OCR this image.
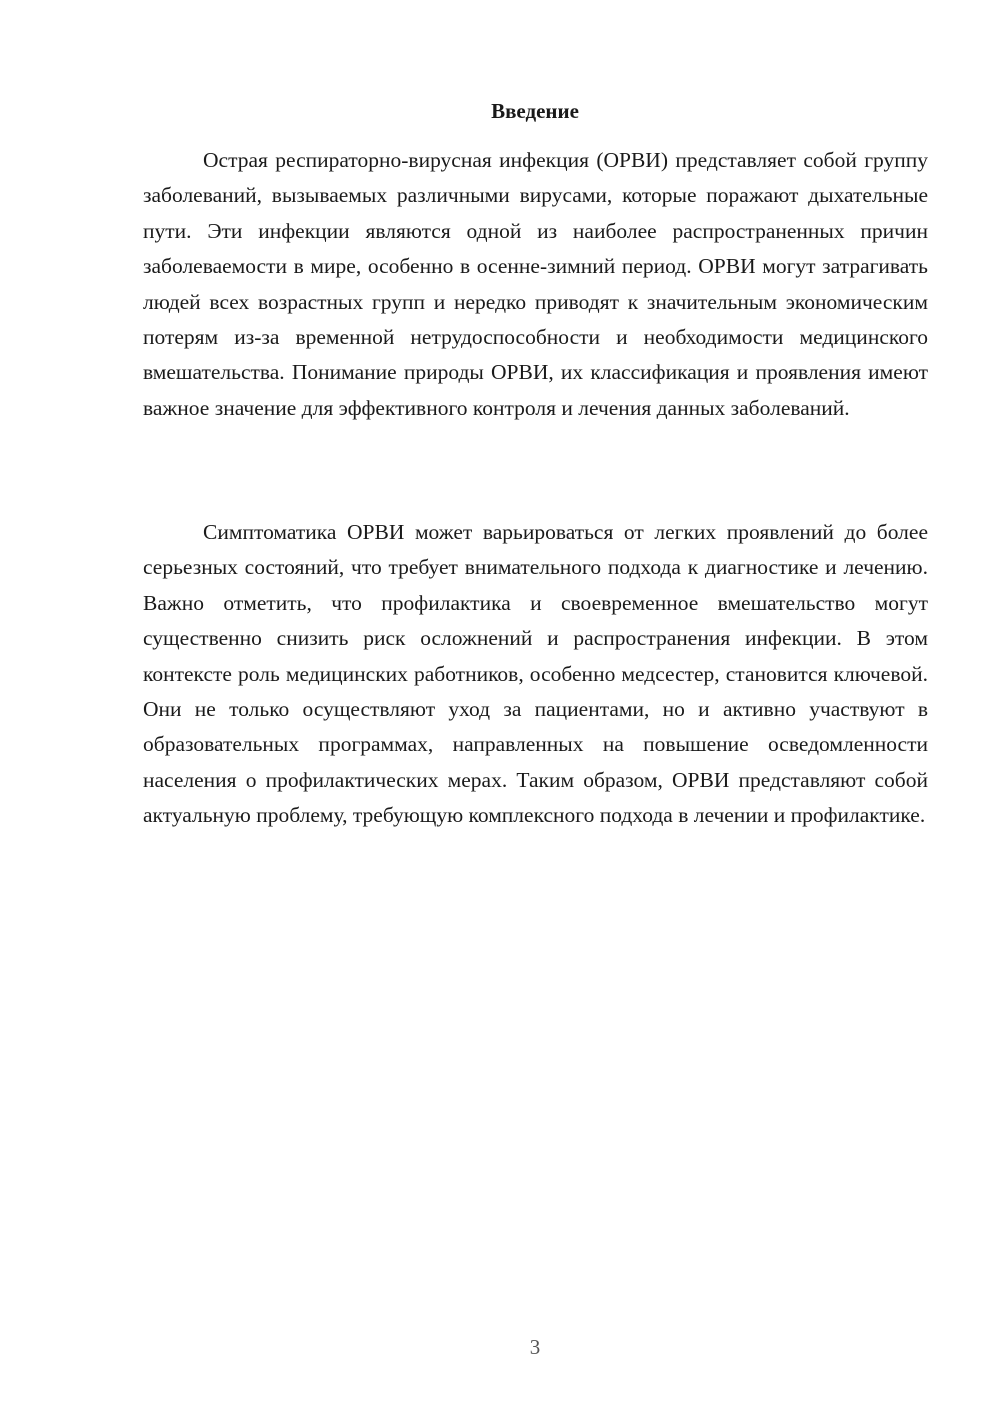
Введение

Острая респираторно-вирусная инфекция (ОРВИ) представляет собой группу заболеваний, вызываемых различными вирусами, которые поражают дыхательные пути. Эти инфекции являются одной из наиболее распространенных причин заболеваемости в мире, особенно в осенне-зимний период. ОРВИ могут затрагивать людей всех возрастных групп и нередко приводят к значительным экономическим потерям из-за временной нетрудоспособности и необходимости медицинского вмешательства. Понимание природы ОРВИ, их классификация и проявления имеют важное значение для эффективного контроля и лечения данных заболеваний.

Симптоматика ОРВИ может варьироваться от легких проявлений до более серьезных состояний, что требует внимательного подхода к диагностике и лечению. Важно отметить, что профилактика и своевременное вмешательство могут существенно снизить риск осложнений и распространения инфекции. В этом контексте роль медицинских работников, особенно медсестер, становится ключевой. Они не только осуществляют уход за пациентами, но и активно участвуют в образовательных программах, направленных на повышение осведомленности населения о профилактических мерах. Таким образом, ОРВИ представляют собой актуальную проблему, требующую комплексного подхода в лечении и профилактике.

3
